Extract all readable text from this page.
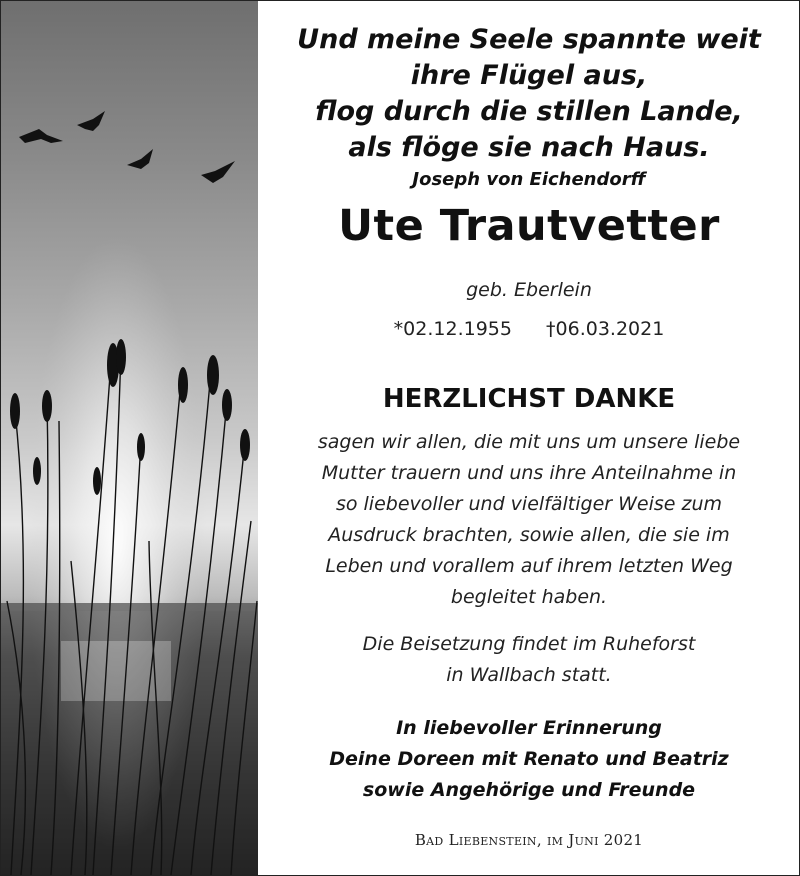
Und meine Seele spannte weit
ihre Flügel aus,
flog durch die stillen Lande,
als flöge sie nach Haus.
Joseph von Eichendorff
Ute Trautvetter
geb. Eberlein
*02.12.1955 †06.03.2021
HERZLICHST DANKE
sagen wir allen, die mit uns um unsere liebe
Mutter trauern und uns ihre Anteilnahme in
so liebevoller und vielfältiger Weise zum
Ausdruck brachten, sowie allen, die sie im
Leben und vorallem auf ihrem letzten Weg
begleitet haben.
Die Beisetzung findet im Ruheforst
in Wallbach statt.
In liebevoller Erinnerung
Deine Doreen mit Renato und Beatriz
sowie Angehörige und Freunde
Bad Liebenstein, im Juni 2021
